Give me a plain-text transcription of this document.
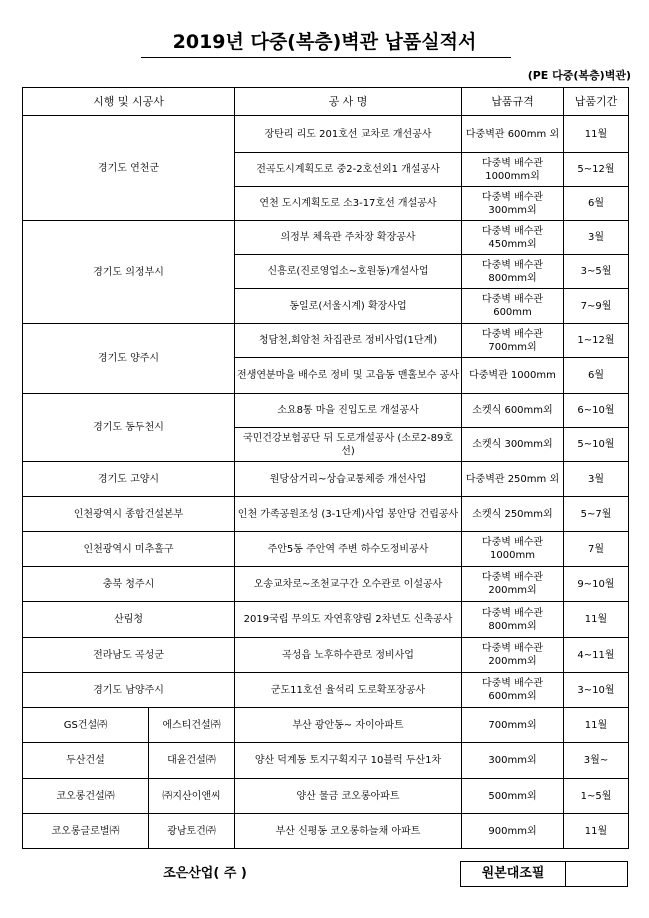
2019년 다중(복층)벽관 납품실적서
(PE 다중(복층)벽관)
시행 및 시공사		공 사 명	납품규격	납품기간
경기도 연천군		장탄리 리도 201호선 교차로 개선공사	다중벽관 600mm 외	11월
		전곡도시계획도로 중2-2호선외1 개설공사	다중벽 배수관 1000mm외	5~12월
		연천 도시계획도로 소3-17호선 개설공사	다중벽 배수관 300mm외	6월
경기도 의정부시		의정부 체육관 주차장 확장공사	다중벽 배수관 450mm외	3월
		신흥로(진로영업소~호원동)개설사업	다중벽 배수관 800mm외	3~5월
		동일로(서울시계) 확장사업	다중벽 배수관 600mm	7~9월
경기도 양주시		청담천,회암천 차집관로 정비사업(1단계)	다중벽 배수관 700mm외	1~12월
		전생연분마을 배수로 정비 및 고읍동 맨홀보수 공사	다중벽관 1000mm	6월
경기도 동두천시		소요8통 마을 진입도로 개설공사	소켓식 600mm외	6~10월
		국민건강보험공단 뒤 도로개설공사 (소로2-89호선)	소켓식 300mm외	5~10월
경기도 고양시		원당삼거리~상습교통체증 개선사업	다중벽관 250mm 외	3월
인천광역시 종합건설본부		인천 가족공원조성 (3-1단계)사업 봉안당 건립공사	소켓식 250mm외	5~7월
인천광역시 미추홀구		주안5동 주안역 주변 하수도정비공사	다중벽 배수관 1000mm	7월
충북 청주시		오송교차로~조천교구간 오수관로 이설공사	다중벽 배수관 200mm외	9~10월
산림청		2019국립 무의도 자연휴양림 2차년도 신축공사	다중벽 배수관 800mm외	11월
전라남도 곡성군		곡성읍 노후하수관로 정비사업	다중벽 배수관 200mm외	4~11월
경기도 남양주시		군도11호선 율석리 도로확포장공사	다중벽 배수관 600mm외	3~10월
GS건설㈜	에스티건설㈜	부산 광안동~ 자이아파트	700mm외	11월
두산건설	대윤건설㈜	양산 덕계동 토지구획지구 10블럭 두산1차	300mm외	3월~
코오롱건설㈜	㈜지산이앤씨	양산 물금 코오롱아파트	500mm외	1~5월
코오롱글로벌㈜	광남토건㈜	부산 신평동 코오롱하늘채 아파트	900mm외	11월
조은산업( 주 )	원본대조필
